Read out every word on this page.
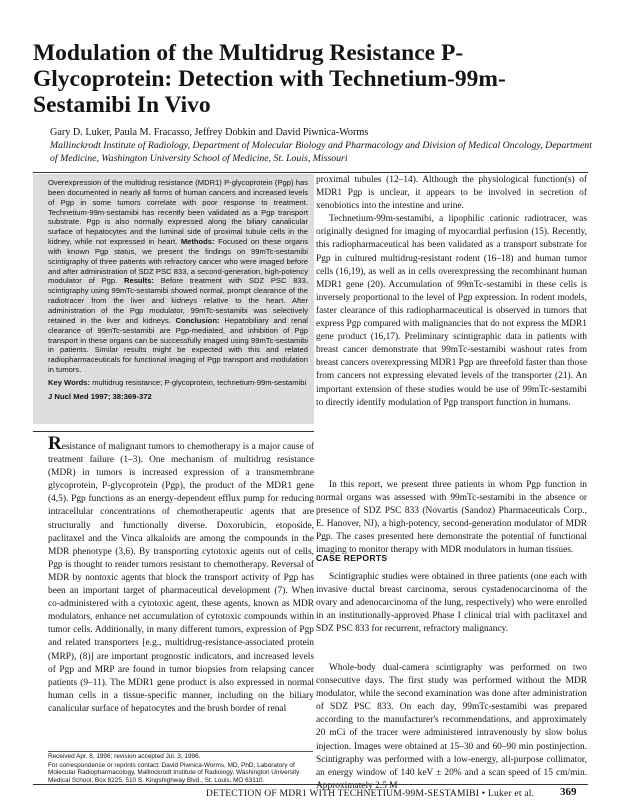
Modulation of the Multidrug Resistance P-Glycoprotein: Detection with Technetium-99m-Sestamibi In Vivo
Gary D. Luker, Paula M. Fracasso, Jeffrey Dobkin and David Piwnica-Worms
Mallinckrodt Institute of Radiology, Department of Molecular Biology and Pharmacology and Division of Medical Oncology, Department of Medicine, Washington University School of Medicine, St. Louis, Missouri

Overexpression of the multidrug resistance (MDR1) P-glycoprotein (Pgp) has been documented in nearly all forms of human cancers and increased levels of Pgp in some tumors correlate with poor response to treatment. Technetium-99m-sestamibi has recently been validated as a Pgp transport substrate. Pgp is also normally expressed along the biliary canalicular surface of hepatocytes and the luminal side of proximal tubule cells in the kidney, while not expressed in heart. Methods: Focused on these organs with known Pgp status, we present the findings on 99mTc-sestamibi scintigraphy of three patients with refractory cancer who were imaged before and after administration of SDZ PSC 833, a second-generation, high-potency modulator of Pgp. Results: Before treatment with SDZ PSC 833, scintigraphy using 99mTc-sestamibi showed normal, prompt clearance of the radiotracer from the liver and kidneys relative to the heart. After administration of the Pgp modulator, 99mTc-sestamibi was selectively retained in the liver and kidneys. Conclusion: Hepatobiliary and renal clearance of 99mTc-sestamibi are Pgp-mediated, and inhibition of Pgp transport in these organs can be successfully imaged using 99mTc-sestamibi in patients. Similar results might be expected with this and related radiopharmaceuticals for functional imaging of Pgp transport and modulation in tumors.

Key Words: multidrug resistance; P-glycoprotein, technetium-99m-sestamibi

J Nucl Med 1997; 38:369-372

Resistance of malignant tumors to chemotherapy is a major cause of treatment failure (1–3). One mechanism of multidrug resistance (MDR) in tumors is increased expression of a transmembrane glycoprotein, P-glycoprotein (Pgp), the product of the MDR1 gene (4,5). Pgp functions as an energy-dependent efflux pump for reducing intracellular concentrations of chemotherapeutic agents that are structurally and functionally diverse. Doxorubicin, etoposide, paclitaxel and the Vinca alkaloids are among the compounds in the MDR phenotype (3,6). By transporting cytotoxic agents out of cells, Pgp is thought to render tumors resistant to chemotherapy. Reversal of MDR by nontoxic agents that block the transport activity of Pgp has been an important target of pharmaceutical development (7). When co-administered with a cytotoxic agent, these agents, known as MDR modulators, enhance net accumulation of cytotoxic compounds within tumor cells. Additionally, in many different tumors, expression of Pgp and related transporters [e.g., multidrug-resistance-associated protein (MRP), (8)] are important prognostic indicators, and increased levels of Pgp and MRP are found in tumor biopsies from relapsing cancer patients (9–11). The MDR1 gene product is also expressed in normal human cells in a tissue-specific manner, including on the biliary canalicular surface of hepatocytes and the brush border of renal

Received Apr. 8, 1996; revision accepted Jul. 3, 1996.

For correspondence or reprints contact: David Piwnica-Worms, MD, PhD, Laboratory of Molecular Radiopharmacology, Mallinckrodt Institute of Radiology, Washington University Medical School, Box 8225, 510 S. Kingshighway Blvd., St. Louis, MO 63110.

proximal tubules (12–14). Although the physiological function(s) of MDR1 Pgp is unclear, it appears to be involved in secretion of xenobiotics into the intestine and urine.

Technetium-99m-sestamibi, a lipophilic cationic radiotracer, was originally designed for imaging of myocardial perfusion (15). Recently, this radiopharmaceutical has been validated as a transport substrate for Pgp in cultured multidrug-resistant rodent (16–18) and human tumor cells (16,19), as well as in cells overexpressing the recombinant human MDR1 gene (20). Accumulation of 99mTc-sestamibi in these cells is inversely proportional to the level of Pgp expression. In rodent models, faster clearance of this radiopharmaceutical is observed in tumors that express Pgp compared with malignancies that do not express the MDR1 gene product (16,17). Preliminary scintigraphic data in patients with breast cancer demonstrate that 99mTc-sestamibi washout rates from breast cancers overexpressing MDR1 Pgp are threefold faster than those from cancers not expressing elevated levels of the transporter (21). An important extension of these studies would be use of 99mTc-sestamibi to directly identify modulation of Pgp transport function in humans.

In this report, we present three patients in whom Pgp function in normal organs was assessed with 99mTc-sestamibi in the absence or presence of SDZ PSC 833 (Novartis (Sandoz) Pharmaceuticals Corp., E. Hanover, NJ), a high-potency, second-generation modulator of MDR Pgp. The cases presented here demonstrate the potential of functional imaging to monitor therapy with MDR modulators in human tissues.

CASE REPORTS

Scintigraphic studies were obtained in three patients (one each with invasive ductal breast carcinoma, serous cystadenocarcinoma of the ovary and adenocarcinoma of the lung, respectively) who were enrolled in an institutionally-approved Phase I clinical trial with paclitaxel and SDZ PSC 833 for recurrent, refractory malignancy.

Whole-body dual-camera scintigraphy was performed on two consecutive days. The first study was performed without the MDR modulator, while the second examination was done after administration of SDZ PSC 833. On each day, 99mTc-sestamibi was prepared according to the manufacturer's recommendations, and approximately 20 mCi of the tracer were administered intravenously by slow bolus injection. Images were obtained at 15–30 and 60–90 min postinjection. Scintigraphy was performed with a low-energy, all-purpose collimator, an energy window of 140 keV ± 20% and a scan speed of 15 cm/min. Approximately 2.5 M

DETECTION OF MDR1 WITH TECHNETIUM-99M-SESTAMIBI • Luker et al. 369
